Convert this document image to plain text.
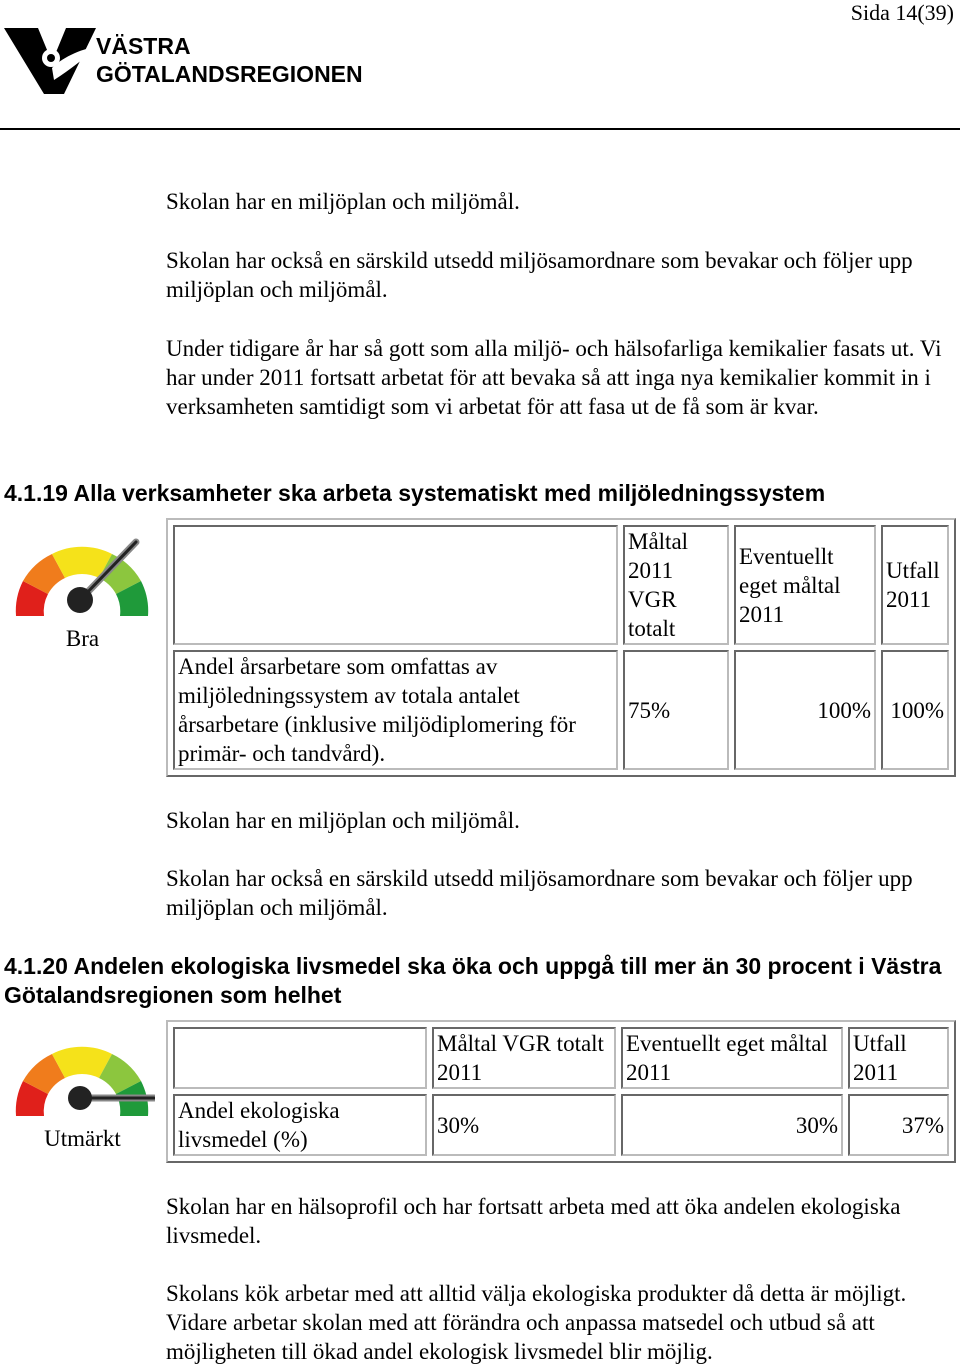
Sida 14(39)
VÄSTRA
GÖTALANDSREGIONEN

Skolan har en miljöplan och miljömål.

Skolan har också en särskild utsedd miljösamordnare som bevakar och följer upp miljöplan och miljömål.

Under tidigare år har så gott som alla miljö- och hälsofarliga kemikalier fasats ut. Vi har under 2011 fortsatt arbetat för att bevaka så att inga nya kemikalier kommit in i verksamheten samtidigt som vi arbetat för att fasa ut de få som är kvar.

4.1.19 Alla verksamheter ska arbeta systematiskt med miljöledningssystem
Bra
	Måltal 2011 VGR totalt	Eventuellt eget måltal 2011	Utfall 2011
Andel årsarbetare som omfattas av miljöledningssystem av totala antalet årsarbetare (inklusive miljödiplomering för primär- och tandvård).	75%	100%	100%

Skolan har en miljöplan och miljömål.

Skolan har också en särskild utsedd miljösamordnare som bevakar och följer upp miljöplan och miljömål.

4.1.20 Andelen ekologiska livsmedel ska öka och uppgå till mer än 30 procent i Västra Götalandsregionen som helhet
Utmärkt
	Måltal VGR totalt 2011	Eventuellt eget måltal 2011	Utfall 2011
Andel ekologiska livsmedel (%)	30%	30%	37%

Skolan har en hälsoprofil och har fortsatt arbeta med att öka andelen ekologiska livsmedel.

Skolans kök arbetar med att alltid välja ekologiska produkter då detta är möjligt. Vidare arbetar skolan med att förändra och anpassa matsedel och utbud så att möjligheten till ökad andel ekologisk livsmedel blir möjlig.
